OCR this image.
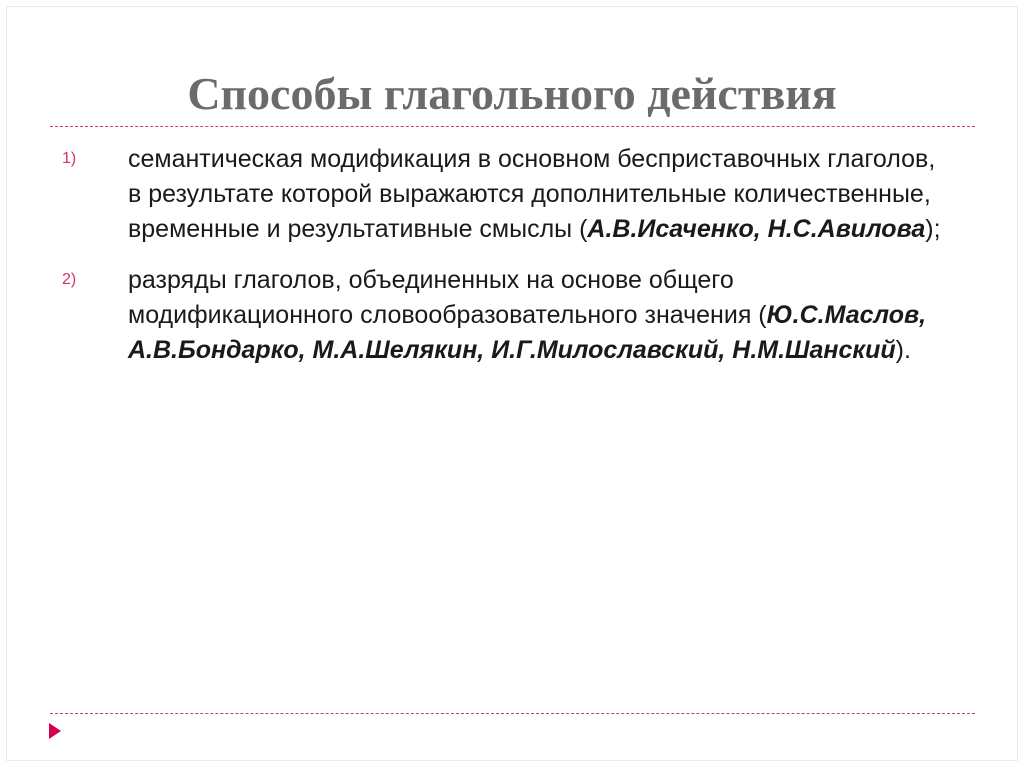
Способы глагольного действия
1) семантическая модификация в основном бесприставочных глаголов, в результате которой выражаются дополнительные количественные, временные и результативные смыслы (А.В.Исаченко, Н.С.Авилова);
2) разряды глаголов, объединенных на основе общего модификационного словообразовательного значения (Ю.С.Маслов, А.В.Бондарко, М.А.Шелякин, И.Г.Милославский, Н.М.Шанский).
